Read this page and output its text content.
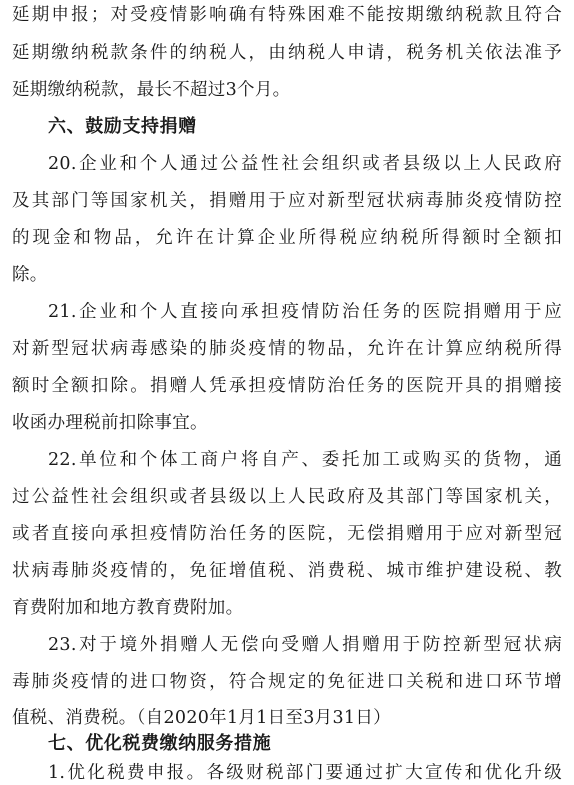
延期申报；对受疫情影响确有特殊困难不能按期缴纳税款且符合
延期缴纳税款条件的纳税人，由纳税人申请，税务机关依法准予
延期缴纳税款，最长不超过3个月。
六、鼓励支持捐赠
20.企业和个人通过公益性社会组织或者县级以上人民政府
及其部门等国家机关，捐赠用于应对新型冠状病毒肺炎疫情防控
的现金和物品，允许在计算企业所得税应纳税所得额时全额扣
除。
21.企业和个人直接向承担疫情防治任务的医院捐赠用于应
对新型冠状病毒感染的肺炎疫情的物品，允许在计算应纳税所得
额时全额扣除。捐赠人凭承担疫情防治任务的医院开具的捐赠接
收函办理税前扣除事宜。
22.单位和个体工商户将自产、委托加工或购买的货物，通
过公益性社会组织或者县级以上人民政府及其部门等国家机关，
或者直接向承担疫情防治任务的医院，无偿捐赠用于应对新型冠
状病毒肺炎疫情的，免征增值税、消费税、城市维护建设税、教
育费附加和地方教育费附加。
23.对于境外捐赠人无偿向受赠人捐赠用于防控新型冠状病
毒肺炎疫情的进口物资，符合规定的免征进口关税和进口环节增
值税、消费税。（自2020年1月1日至3月31日）
七、优化税费缴纳服务措施
1.优化税费申报。各级财税部门要通过扩大宣传和优化升级
